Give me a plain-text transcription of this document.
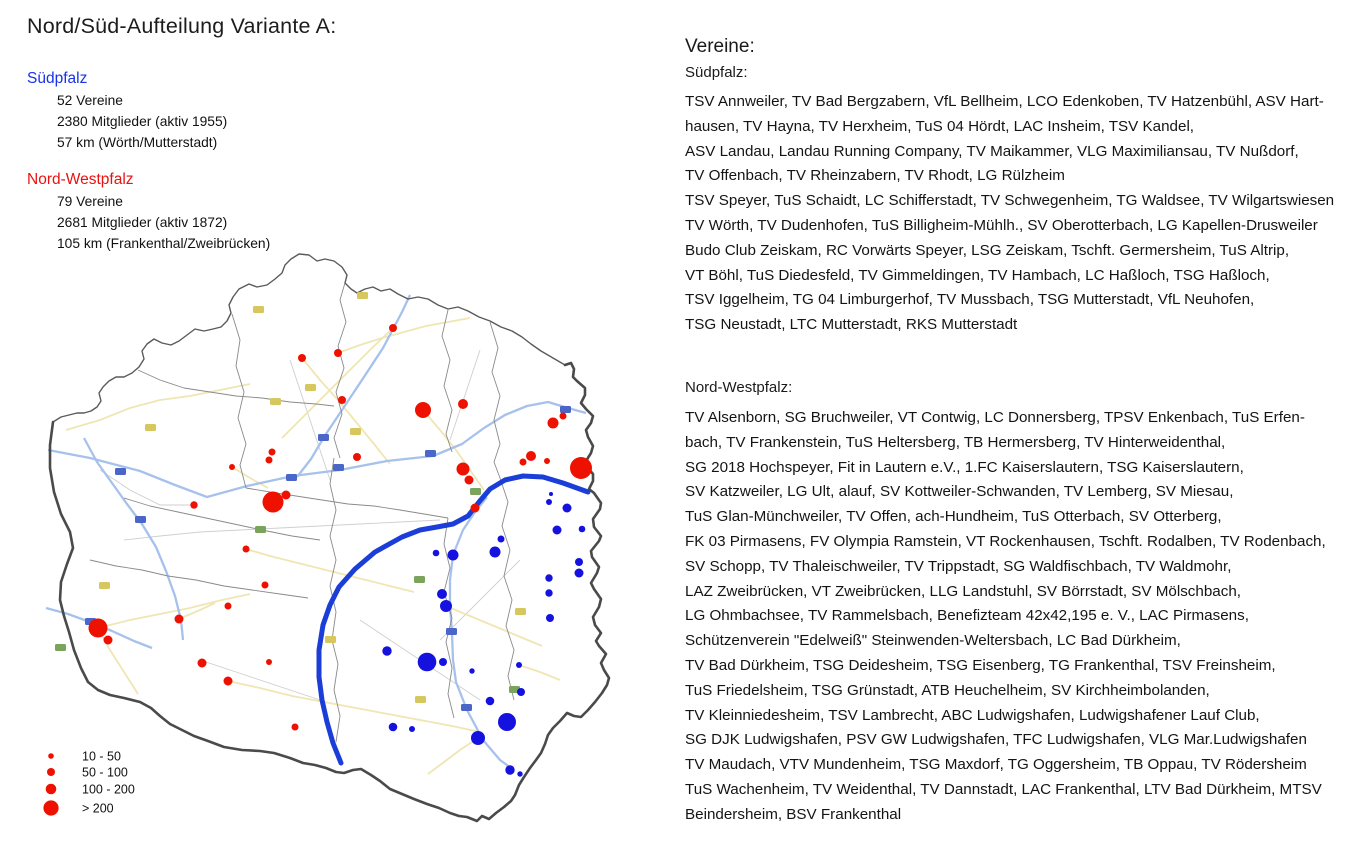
10 - 50
50 - 100
100 - 200
> 200
Nord/Süd-Aufteilung Variante A:
Südpfalz
52 Vereine
2380 Mitglieder (aktiv 1955)
57 km (Wörth/Mutterstadt)
Nord-Westpfalz
79 Vereine
2681 Mitglieder (aktiv 1872)
105 km (Frankenthal/Zweibrücken)
Vereine:
Südpfalz:
TSV Annweiler, TV Bad Bergzabern, VfL Bellheim, LCO Edenkoben, TV Hatzenbühl, ASV Hart-
hausen, TV Hayna, TV Herxheim, TuS 04 Hördt, LAC Insheim, TSV Kandel,
ASV Landau, Landau Running Company, TV Maikammer, VLG Maximiliansau, TV Nußdorf,
TV Offenbach, TV Rheinzabern, TV Rhodt, LG Rülzheim
TSV Speyer, TuS Schaidt, LC Schifferstadt, TV Schwegenheim, TG Waldsee, TV Wilgartswiesen
TV Wörth, TV Dudenhofen, TuS Billigheim-Mühlh., SV Oberotterbach, LG Kapellen-Drusweiler
Budo Club Zeiskam, RC Vorwärts Speyer, LSG Zeiskam, Tschft. Germersheim, TuS Altrip,
VT Böhl, TuS Diedesfeld, TV Gimmeldingen, TV Hambach, LC Haßloch, TSG Haßloch,
TSV Iggelheim, TG 04 Limburgerhof, TV Mussbach, TSG Mutterstadt, VfL Neuhofen,
TSG Neustadt, LTC Mutterstadt, RKS Mutterstadt
Nord-Westpfalz:
TV Alsenborn, SG Bruchweiler, VT Contwig, LC Donnersberg, TPSV Enkenbach, TuS Erfen-
bach, TV Frankenstein, TuS Heltersberg, TB Hermersberg, TV Hinterweidenthal,
SG 2018 Hochspeyer, Fit in Lautern e.V., 1.FC Kaiserslautern, TSG Kaiserslautern,
SV Katzweiler, LG Ult, alauf, SV Kottweiler-Schwanden, TV Lemberg, SV Miesau,
TuS Glan-Münchweiler, TV Offen, ach-Hundheim, TuS Otterbach, SV Otterberg,
FK 03 Pirmasens, FV Olympia Ramstein, VT Rockenhausen, Tschft. Rodalben, TV Rodenbach,
SV Schopp, TV Thaleischweiler, TV Trippstadt, SG Waldfischbach, TV Waldmohr,
LAZ Zweibrücken, VT Zweibrücken, LLG Landstuhl, SV Börrstadt, SV Mölschbach,
LG Ohmbachsee, TV Rammelsbach, Benefizteam 42x42,195 e. V., LAC Pirmasens,
Schützenverein "Edelweiß" Steinwenden-Weltersbach, LC Bad Dürkheim,
TV Bad Dürkheim, TSG Deidesheim, TSG Eisenberg, TG Frankenthal, TSV Freinsheim,
TuS Friedelsheim, TSG Grünstadt, ATB Heuchelheim, SV Kirchheimbolanden,
TV Kleinniedesheim, TSV Lambrecht, ABC Ludwigshafen, Ludwigshafener Lauf Club,
SG DJK Ludwigshafen, PSV GW Ludwigshafen, TFC Ludwigshafen, VLG Mar.Ludwigshafen
TV Maudach, VTV Mundenheim, TSG Maxdorf, TG Oggersheim, TB Oppau, TV Rödersheim
TuS Wachenheim, TV Weidenthal, TV Dannstadt, LAC Frankenthal, LTV Bad Dürkheim, MTSV
Beindersheim, BSV Frankenthal
